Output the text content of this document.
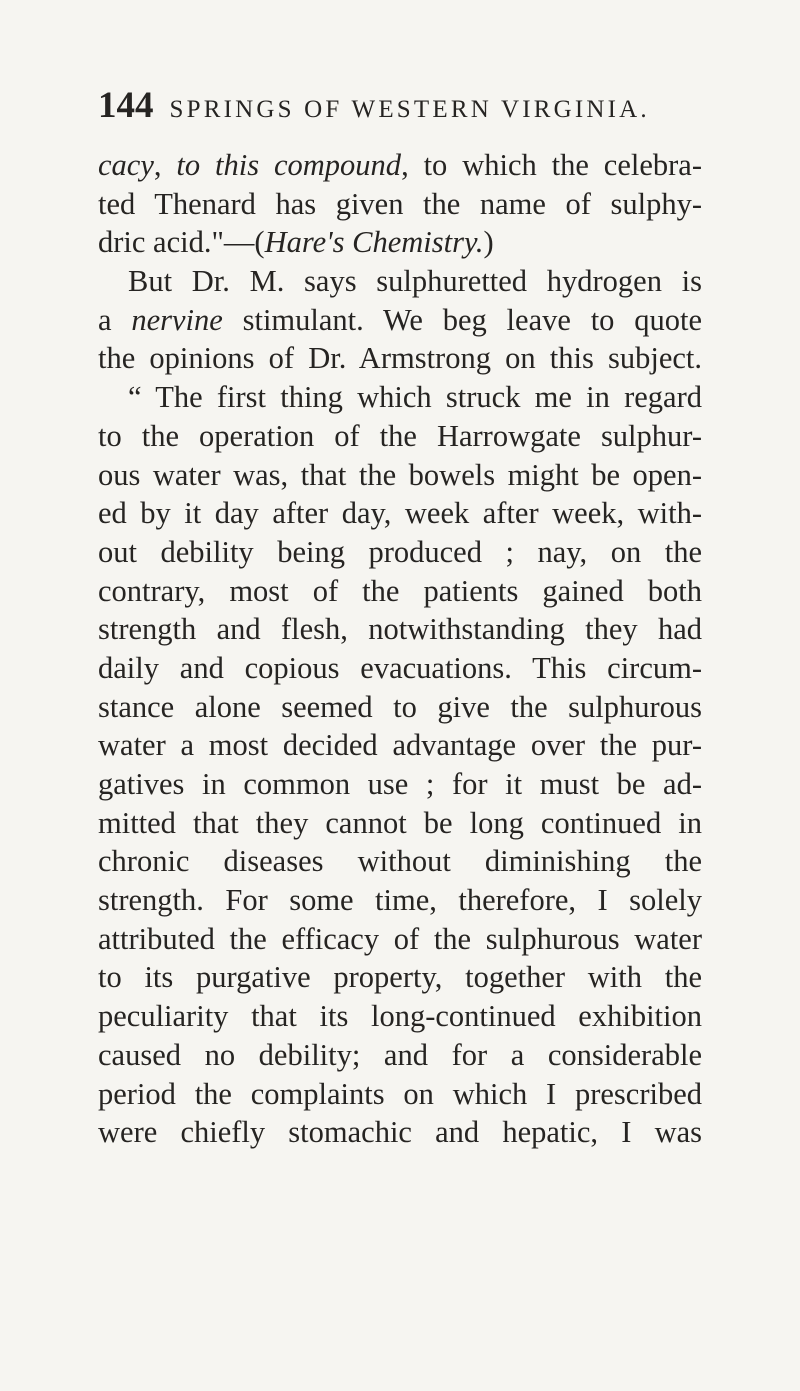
144 SPRINGS OF WESTERN VIRGINIA.
cacy, to this compound, to which the celebra-
ted Thenard has given the name of sulphy-
dric acid."—(Hare's Chemistry.)
But Dr. M. says sulphuretted hydrogen is
a nervine stimulant. We beg leave to quote
the opinions of Dr. Armstrong on this subject.
“ The first thing which struck me in regard
to the operation of the Harrowgate sulphur-
ous water was, that the bowels might be open-
ed by it day after day, week after week, with-
out debility being produced ; nay, on the
contrary, most of the patients gained both
strength and flesh, notwithstanding they had
daily and copious evacuations. This circum-
stance alone seemed to give the sulphurous
water a most decided advantage over the pur-
gatives in common use ; for it must be ad-
mitted that they cannot be long continued in
chronic diseases without diminishing the
strength. For some time, therefore, I solely
attributed the efficacy of the sulphurous water
to its purgative property, together with the
peculiarity that its long-continued exhibition
caused no debility; and for a considerable
period the complaints on which I prescribed
were chiefly stomachic and hepatic, I was
